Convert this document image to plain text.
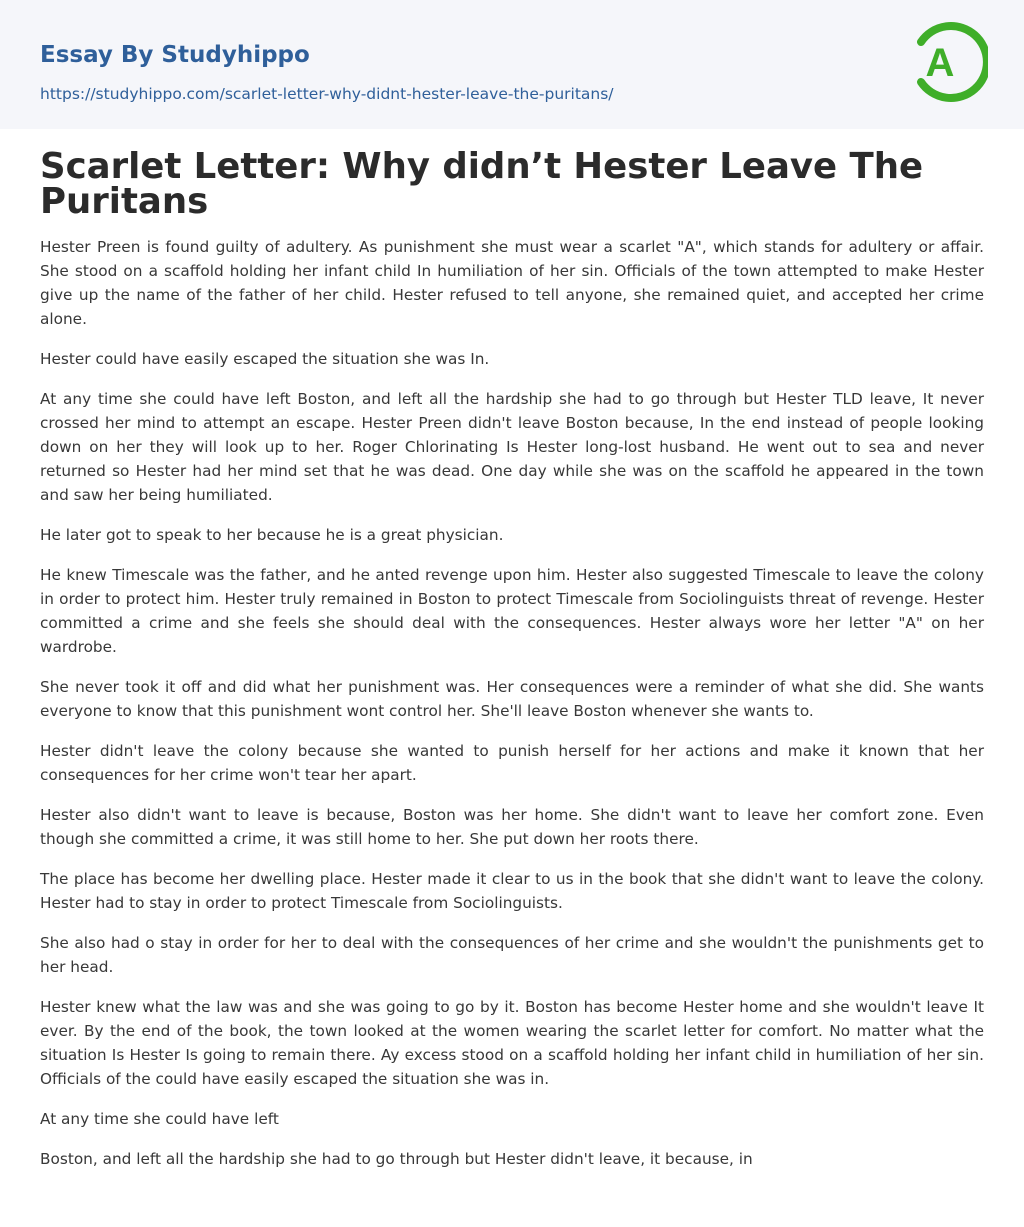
Essay By Studyhippo
https://studyhippo.com/scarlet-letter-why-didnt-hester-leave-the-puritans/
A
Scarlet Letter: Why didn’t Hester Leave The Puritans

Hester Preen is found guilty of adultery. As punishment she must wear a scarlet "A", which stands for adultery or affair. She stood on a scaffold holding her infant child In humiliation of her sin. Officials of the town attempted to make Hester give up the name of the father of her child. Hester refused to tell anyone, she remained quiet, and accepted her crime alone.

Hester could have easily escaped the situation she was In.

At any time she could have left Boston, and left all the hardship she had to go through but Hester TLD leave, It never crossed her mind to attempt an escape. Hester Preen didn't leave Boston because, In the end instead of people looking down on her they will look up to her. Roger Chlorinating Is Hester long-lost husband. He went out to sea and never returned so Hester had her mind set that he was dead. One day while she was on the scaffold he appeared in the town and saw her being humiliated.

He later got to speak to her because he is a great physician.

He knew Timescale was the father, and he anted revenge upon him. Hester also suggested Timescale to leave the colony in order to protect him. Hester truly remained in Boston to protect Timescale from Sociolinguists threat of revenge. Hester committed a crime and she feels she should deal with the consequences. Hester always wore her letter "A" on her wardrobe.

She never took it off and did what her punishment was. Her consequences were a reminder of what she did. She wants everyone to know that this punishment wont control her. She'll leave Boston whenever she wants to.

Hester didn't leave the colony because she wanted to punish herself for her actions and make it known that her consequences for her crime won't tear her apart.

Hester also didn't want to leave is because, Boston was her home. She didn't want to leave her comfort zone. Even though she committed a crime, it was still home to her. She put down her roots there.

The place has become her dwelling place. Hester made it clear to us in the book that she didn't want to leave the colony. Hester had to stay in order to protect Timescale from Sociolinguists.

She also had o stay in order for her to deal with the consequences of her crime and she wouldn't the punishments get to her head.

Hester knew what the law was and she was going to go by it. Boston has become Hester home and she wouldn't leave It ever. By the end of the book, the town looked at the women wearing the scarlet letter for comfort. No matter what the situation Is Hester Is going to remain there. Ay excess stood on a scaffold holding her infant child in humiliation of her sin. Officials of the could have easily escaped the situation she was in.

At any time she could have left

Boston, and left all the hardship she had to go through but Hester didn't leave, it because, in
